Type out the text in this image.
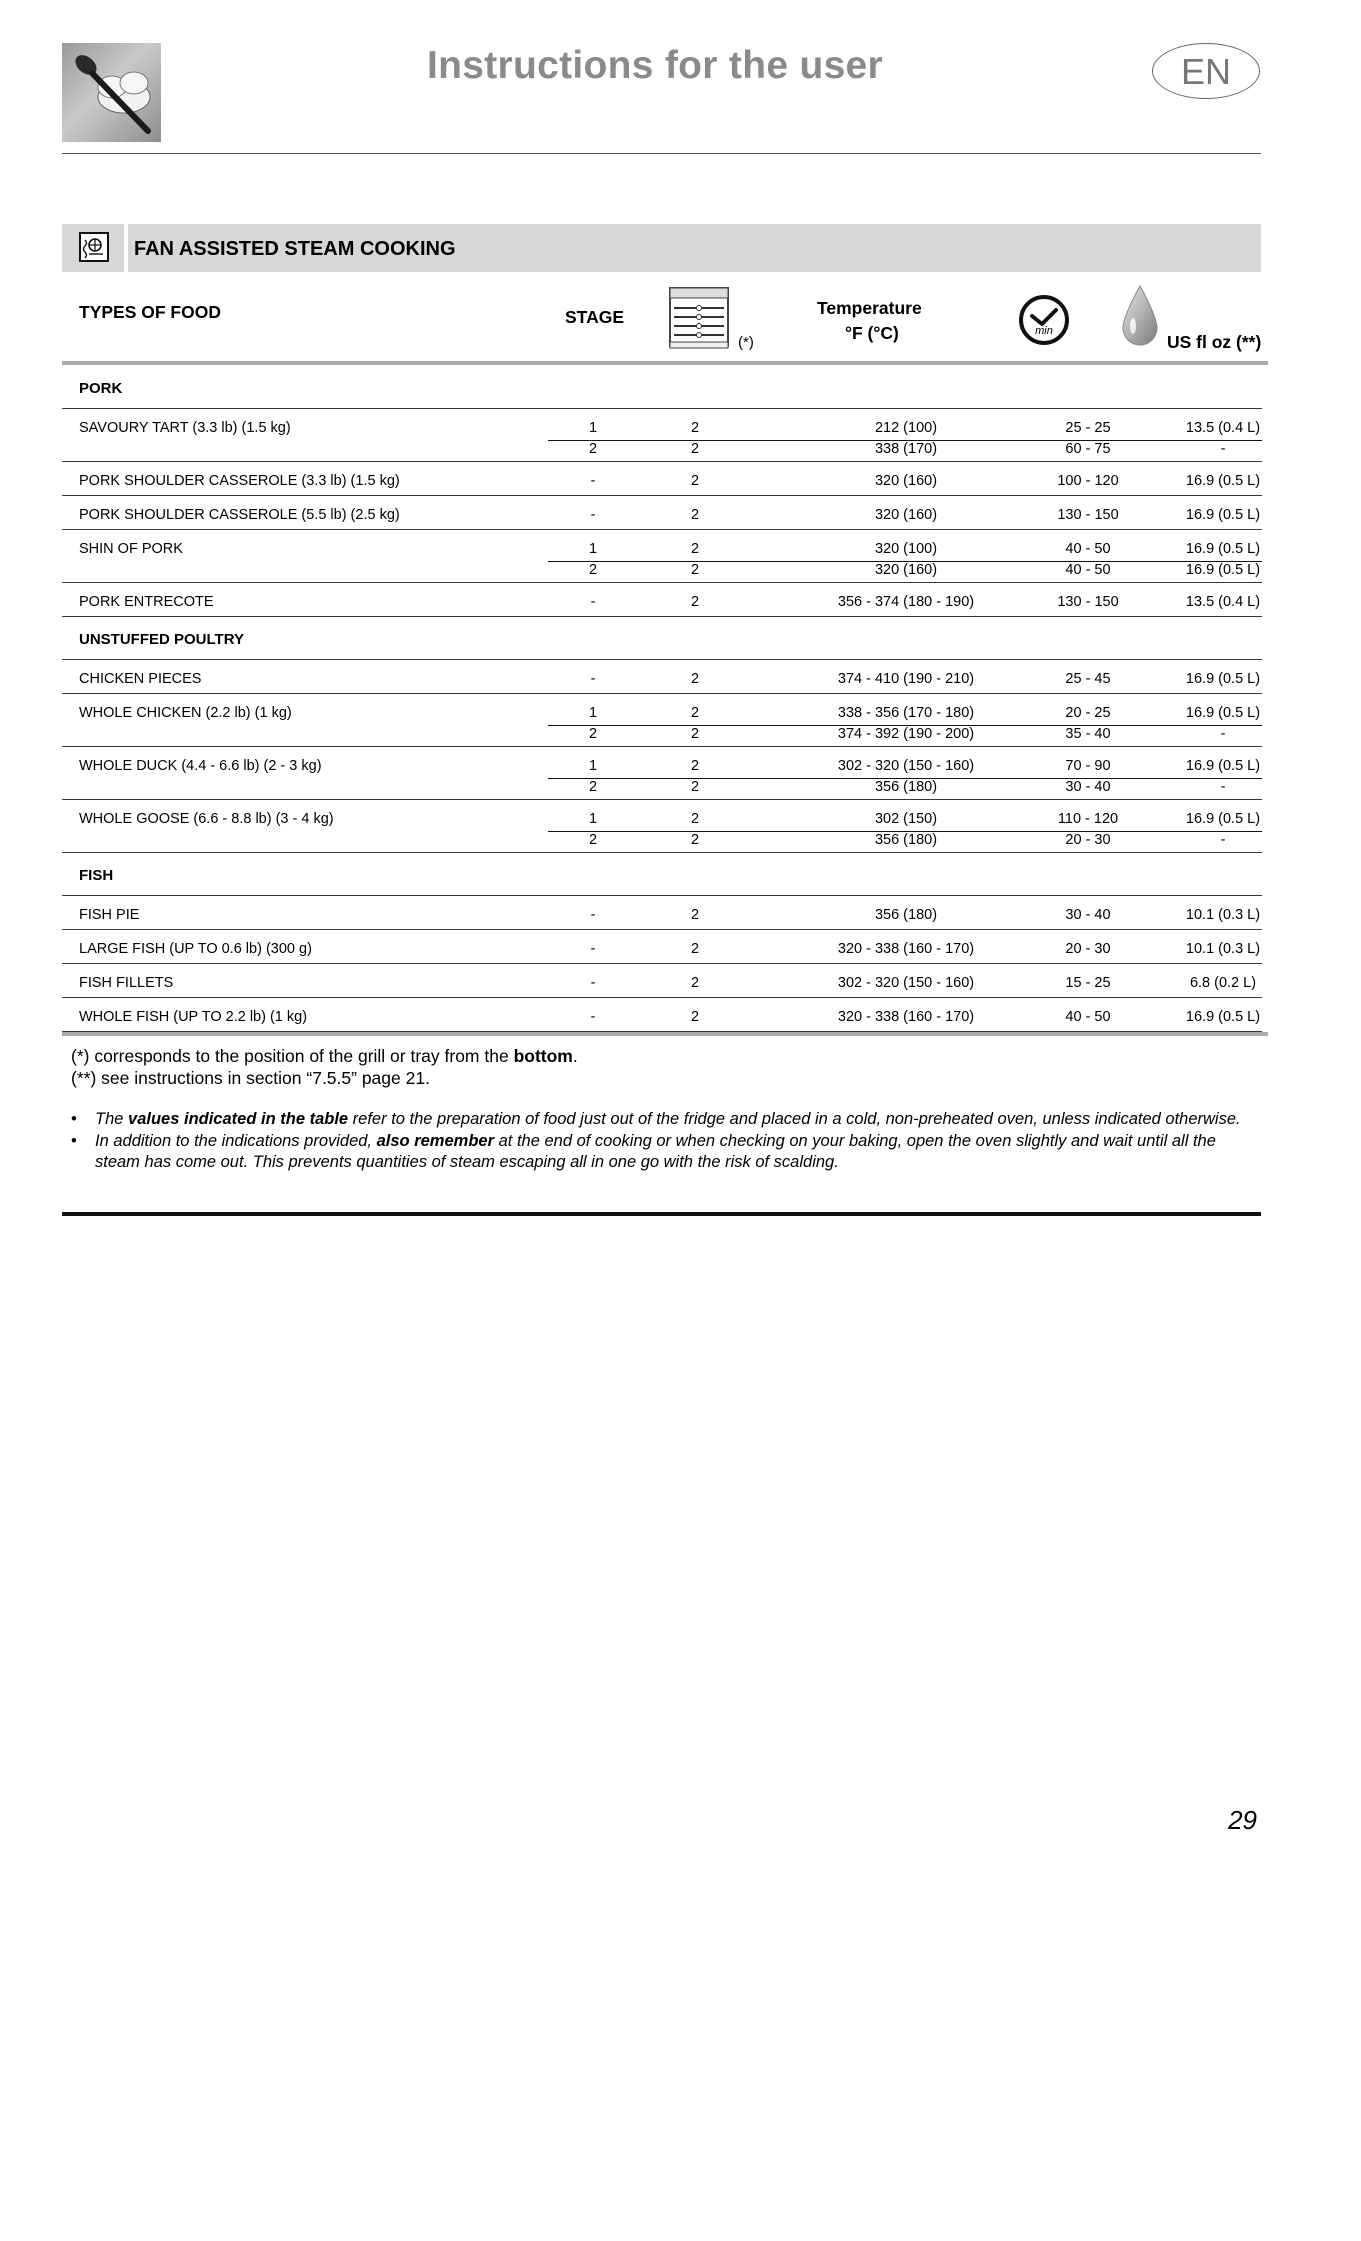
Instructions for the user	EN
FAN ASSISTED STEAM COOKING
TYPES OF FOOD	STAGE
(*)
Temperature
°F (°C)	min
US fl oz (**)
PORK
SAVOURY TART (3.3 lb) (1.5 kg)	1	2	212 (100)	25 - 25	13.5 (0.4 L)
2	2	338 (170)	60 - 75	-
PORK SHOULDER CASSEROLE (3.3 lb) (1.5 kg)	-	2	320 (160)	100 - 120	16.9 (0.5 L)
PORK SHOULDER CASSEROLE (5.5 lb) (2.5 kg)	-	2	320 (160)	130 - 150	16.9 (0.5 L)
SHIN OF PORK	1	2	320 (100)	40 - 50	16.9 (0.5 L)
2	2	320 (160)	40 - 50	16.9 (0.5 L)
PORK ENTRECOTE	-	2	356 - 374 (180 - 190)	130 - 150	13.5 (0.4 L)
UNSTUFFED POULTRY
CHICKEN PIECES	-	2	374 - 410 (190 - 210)	25 - 45	16.9 (0.5 L)
WHOLE CHICKEN (2.2 lb) (1 kg)	1	2	338 - 356 (170 - 180)	20 - 25	16.9 (0.5 L)
2	2	374 - 392 (190 - 200)	35 - 40	-
WHOLE DUCK (4.4 - 6.6 lb) (2 - 3 kg)	1	2	302 - 320 (150 - 160)	70 - 90	16.9 (0.5 L)
2	2	356 (180)	30 - 40	-
WHOLE GOOSE (6.6 - 8.8 lb) (3 - 4 kg)	1	2	302 (150)	110 - 120	16.9 (0.5 L)
2	2	356 (180)	20 - 30	-
FISH
FISH PIE	-	2	356 (180)	30 - 40	10.1 (0.3 L)
LARGE FISH (UP TO 0.6 lb) (300 g)	-	2	320 - 338 (160 - 170)	20 - 30	10.1 (0.3 L)
FISH FILLETS	-	2	302 - 320 (150 - 160)	15 - 25	6.8 (0.2 L)
WHOLE FISH (UP TO 2.2 lb) (1 kg)	-	2	320 - 338 (160 - 170)	40 - 50	16.9 (0.5 L)
(*) corresponds to the position of the grill or tray from the bottom.
(**) see instructions in section “7.5.5” page 21.
• The values indicated in the table refer to the preparation of food just out of the fridge and placed in a cold, non-preheated oven, unless indicated otherwise.
• In addition to the indications provided, also remember at the end of cooking or when checking on your baking, open the oven slightly and wait until all the steam has come out. This prevents quantities of steam escaping all in one go with the risk of scalding.
29
